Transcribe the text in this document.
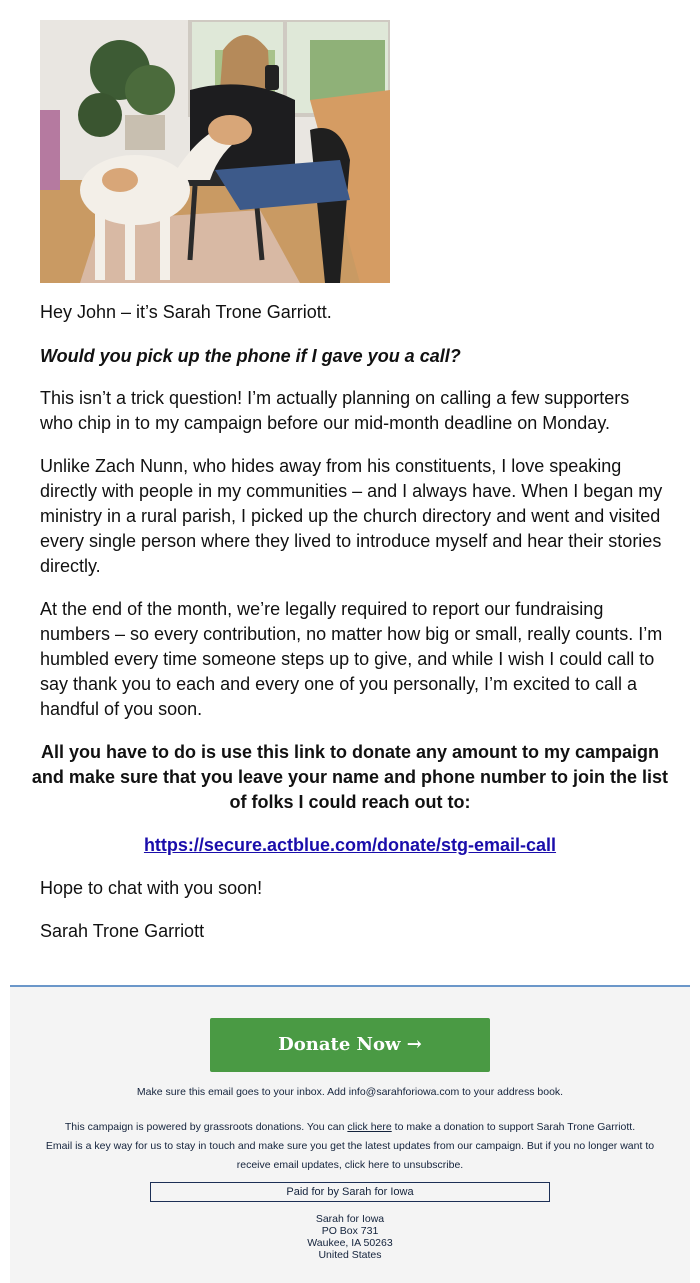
Hey John – it’s Sarah Trone Garriott.

Would you pick up the phone if I gave you a call?

This isn’t a trick question! I’m actually planning on calling a few supporters who chip in to my campaign before our mid-month deadline on Monday.

Unlike Zach Nunn, who hides away from his constituents, I love speaking directly with people in my communities – and I always have. When I began my ministry in a rural parish, I picked up the church directory and went and visited every single person where they lived to introduce myself and hear their stories directly.

At the end of the month, we’re legally required to report our fundraising numbers – so every contribution, no matter how big or small, really counts. I’m humbled every time someone steps up to give, and while I wish I could call to say thank you to each and every one of you personally, I’m excited to call a handful of you soon.

All you have to do is use this link to donate any amount to my campaign and make sure that you leave your name and phone number to join the list of folks I could reach out to:

https://secure.actblue.com/donate/stg-email-call

Hope to chat with you soon!

Sarah Trone Garriott

Donate Now →
Make sure this email goes to your inbox. Add info@sarahforiowa.com to your address book.
This campaign is powered by grassroots donations. You can click here to make a donation to support Sarah Trone Garriott.
Email is a key way for us to stay in touch and make sure you get the latest updates from our campaign. But if you no longer want to receive email updates, click here to unsubscribe.
Paid for by Sarah for Iowa
Sarah for Iowa
PO Box 731
Waukee, IA 50263
United States
